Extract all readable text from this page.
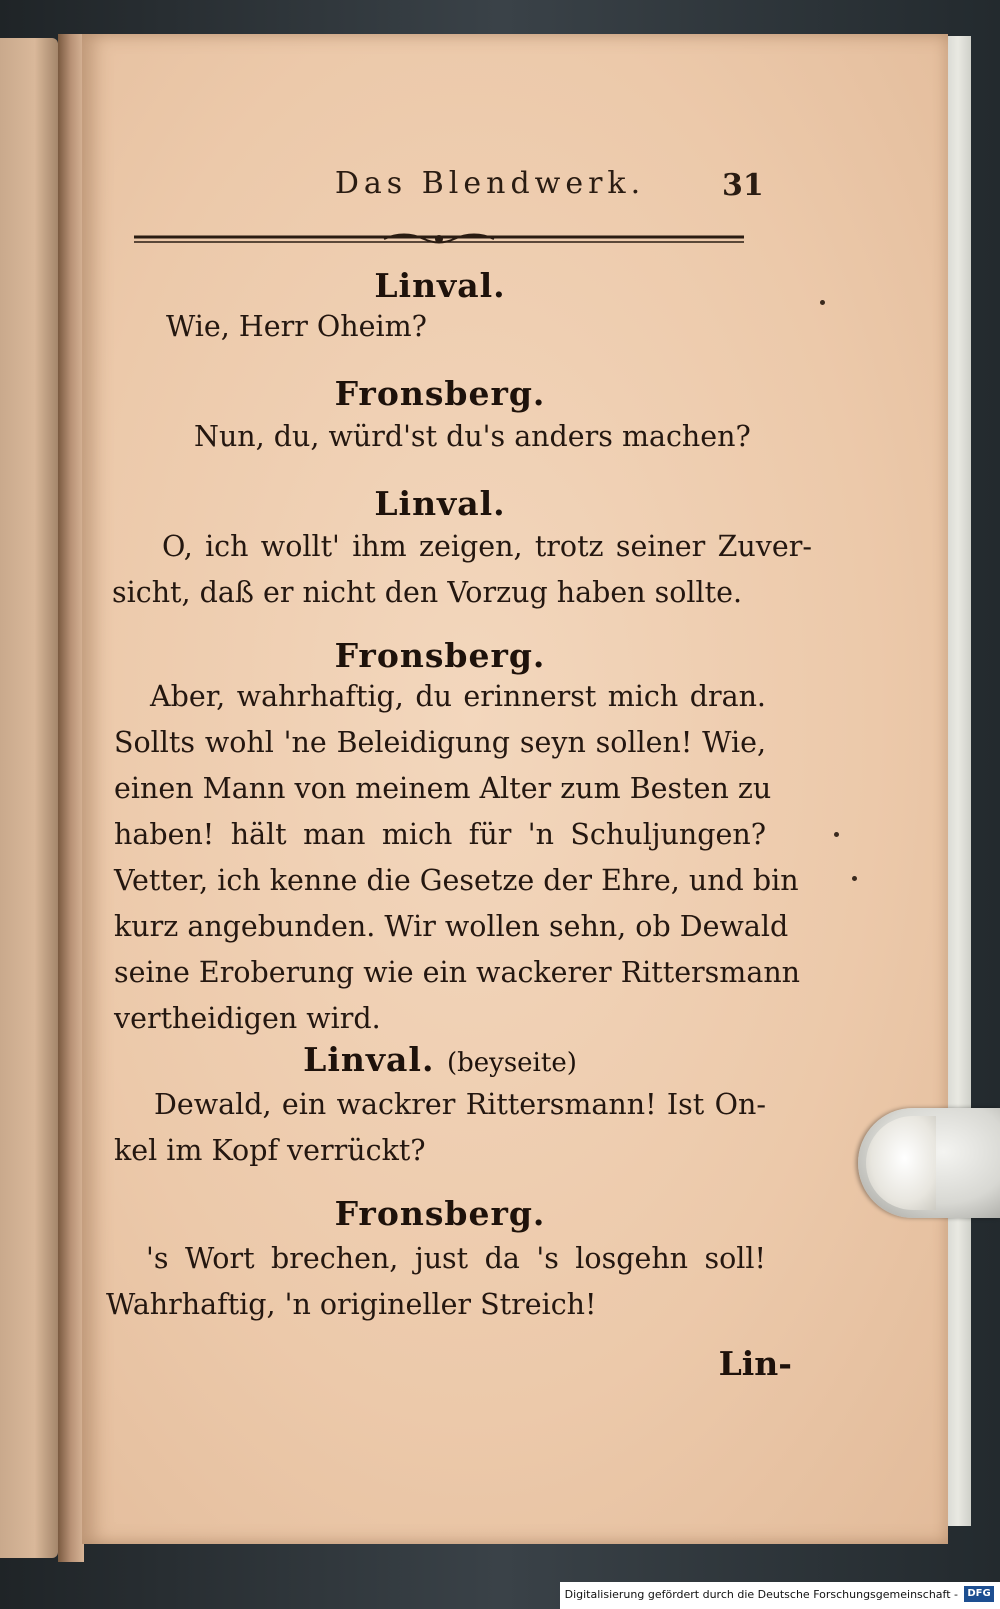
Das Blendwerk.	31
Linval.
Wie, Herr Oheim?
Fronsberg.
Nun, du, würd'st du's anders machen?
Linval.
O, ich wollt' ihm zeigen, trotz seiner Zuver-
sicht, daß er nicht den Vorzug haben sollte.
Fronsberg.
Aber, wahrhaftig, du erinnerst mich dran.
Sollts wohl 'ne Beleidigung seyn sollen! Wie,
einen Mann von meinem Alter zum Besten zu
haben! hält man mich für 'n Schuljungen?
Vetter, ich kenne die Gesetze der Ehre, und bin
kurz angebunden. Wir wollen sehn, ob Dewald
seine Eroberung wie ein wackerer Rittersmann
vertheidigen wird.
Linval. (beyseite)
Dewald, ein wackrer Rittersmann! Ist On-
kel im Kopf verrückt?
Fronsberg.
's Wort brechen, just da 's losgehn soll!
Wahrhaftig, 'n origineller Streich!
Lin-
Digitalisierung gefördert durch die Deutsche Forschungsgemeinschaft - DFG
